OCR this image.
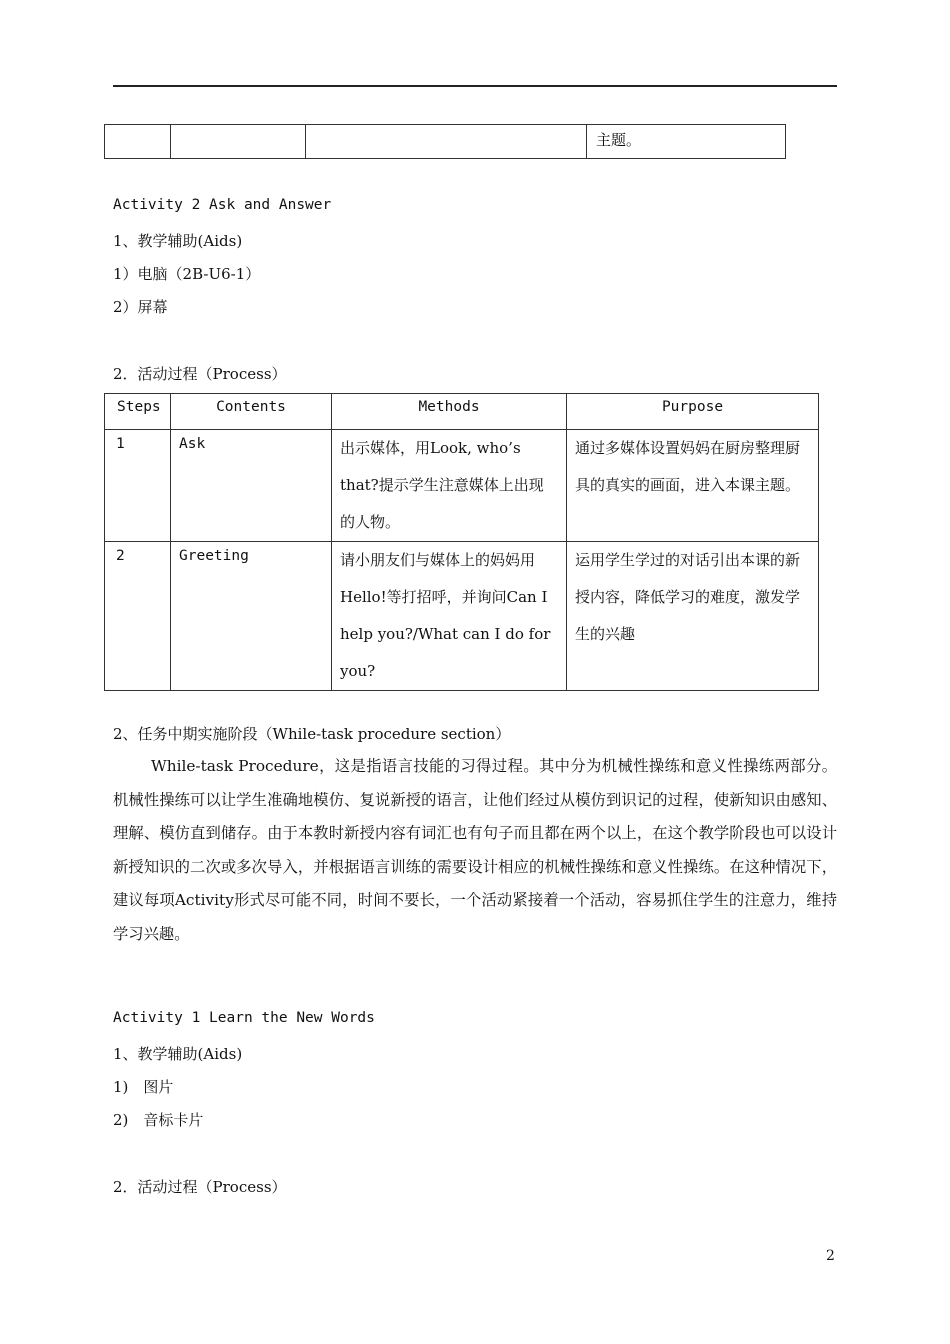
主题。
Activity 2 Ask and Answer
1、教学辅助(Aids)
1）电脑（2B-U6-1）
2）屏幕
2．活动过程（Process）
Steps	Contents	Methods	Purpose

1	Ask	出示媒体，用Look, who’s that?提示学生注意媒体上出现的人物。	通过多媒体设置妈妈在厨房整理厨具的真实的画面，进入本课主题。

2	Greeting	请小朋友们与媒体上的妈妈用Hello!等打招呼，并询问Can I help you?/What can I do for you?	运用学生学过的对话引出本课的新授内容，降低学习的难度，激发学生的兴趣
2、任务中期实施阶段（While-task procedure section）
While-task Procedure，这是指语言技能的习得过程。其中分为机械性操练和意义性操练两部分。机械性操练可以让学生准确地模仿、复说新授的语言，让他们经过从模仿到识记的过程，使新知识由感知、理解、模仿直到储存。由于本教时新授内容有词汇也有句子而且都在两个以上，在这个教学阶段也可以设计新授知识的二次或多次导入，并根据语言训练的需要设计相应的机械性操练和意义性操练。在这种情况下，建议每项Activity形式尽可能不同，时间不要长，一个活动紧接着一个活动，容易抓住学生的注意力，维持学习兴趣。
Activity 1 Learn the New Words
1、教学辅助(Aids)
1)　图片
2)　音标卡片
2．活动过程（Process）
2
